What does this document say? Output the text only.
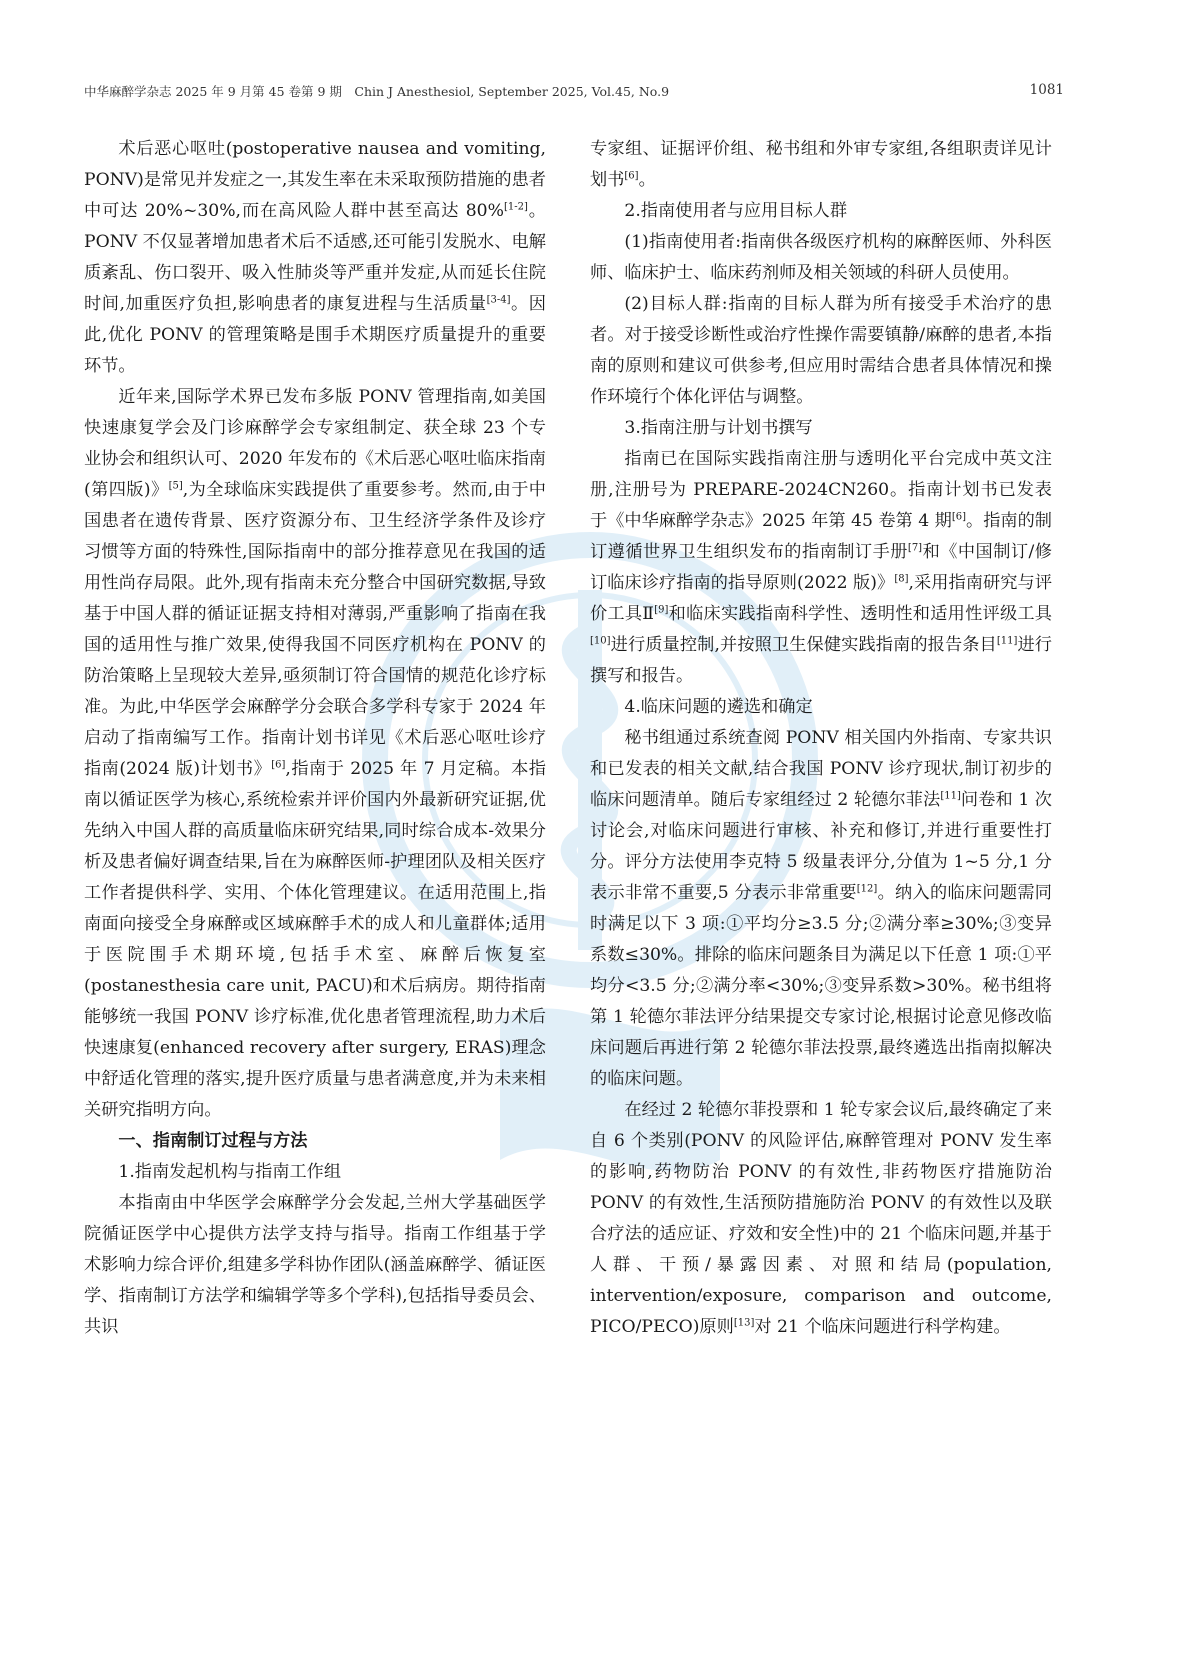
中华麻醉学杂志 2025 年 9 月第 45 卷第 9 期　Chin J Anesthesiol, September 2025, Vol.45, No.9	1081

术后恶心呕吐(postoperative nausea and vomiting, PONV)是常见并发症之一,其发生率在未采取预防措施的患者中可达 20%~30%,而在高风险人群中甚至高达 80%[1-2]。PONV 不仅显著增加患者术后不适感,还可能引发脱水、电解质紊乱、伤口裂开、吸入性肺炎等严重并发症,从而延长住院时间,加重医疗负担,影响患者的康复进程与生活质量[3-4]。因此,优化 PONV 的管理策略是围手术期医疗质量提升的重要环节。

近年来,国际学术界已发布多版 PONV 管理指南,如美国快速康复学会及门诊麻醉学会专家组制定、获全球 23 个专业协会和组织认可、2020 年发布的《术后恶心呕吐临床指南(第四版)》[5],为全球临床实践提供了重要参考。然而,由于中国患者在遗传背景、医疗资源分布、卫生经济学条件及诊疗习惯等方面的特殊性,国际指南中的部分推荐意见在我国的适用性尚存局限。此外,现有指南未充分整合中国研究数据,导致基于中国人群的循证证据支持相对薄弱,严重影响了指南在我国的适用性与推广效果,使得我国不同医疗机构在 PONV 的防治策略上呈现较大差异,亟须制订符合国情的规范化诊疗标准。为此,中华医学会麻醉学分会联合多学科专家于 2024 年启动了指南编写工作。指南计划书详见《术后恶心呕吐诊疗指南(2024 版)计划书》[6],指南于 2025 年 7 月定稿。本指南以循证医学为核心,系统检索并评价国内外最新研究证据,优先纳入中国人群的高质量临床研究结果,同时综合成本-效果分析及患者偏好调查结果,旨在为麻醉医师-护理团队及相关医疗工作者提供科学、实用、个体化管理建议。在适用范围上,指南面向接受全身麻醉或区域麻醉手术的成人和儿童群体;适用于医院围手术期环境,包括手术室、麻醉后恢复室(postanesthesia care unit, PACU)和术后病房。期待指南能够统一我国 PONV 诊疗标准,优化患者管理流程,助力术后快速康复(enhanced recovery after surgery, ERAS)理念中舒适化管理的落实,提升医疗质量与患者满意度,并为未来相关研究指明方向。

一、指南制订过程与方法

1.指南发起机构与指南工作组

本指南由中华医学会麻醉学分会发起,兰州大学基础医学院循证医学中心提供方法学支持与指导。指南工作组基于学术影响力综合评价,组建多学科协作团队(涵盖麻醉学、循证医学、指南制订方法学和编辑学等多个学科),包括指导委员会、共识

专家组、证据评价组、秘书组和外审专家组,各组职责详见计划书[6]。

2.指南使用者与应用目标人群

(1)指南使用者:指南供各级医疗机构的麻醉医师、外科医师、临床护士、临床药剂师及相关领域的科研人员使用。

(2)目标人群:指南的目标人群为所有接受手术治疗的患者。对于接受诊断性或治疗性操作需要镇静/麻醉的患者,本指南的原则和建议可供参考,但应用时需结合患者具体情况和操作环境行个体化评估与调整。

3.指南注册与计划书撰写

指南已在国际实践指南注册与透明化平台完成中英文注册,注册号为 PREPARE-2024CN260。指南计划书已发表于《中华麻醉学杂志》2025 年第 45 卷第 4 期[6]。指南的制订遵循世界卫生组织发布的指南制订手册[7]和《中国制订/修订临床诊疗指南的指导原则(2022 版)》[8],采用指南研究与评价工具Ⅱ[9]和临床实践指南科学性、透明性和适用性评级工具[10]进行质量控制,并按照卫生保健实践指南的报告条目[11]进行撰写和报告。

4.临床问题的遴选和确定

秘书组通过系统查阅 PONV 相关国内外指南、专家共识和已发表的相关文献,结合我国 PONV 诊疗现状,制订初步的临床问题清单。随后专家组经过 2 轮德尔菲法[11]问卷和 1 次讨论会,对临床问题进行审核、补充和修订,并进行重要性打分。评分方法使用李克特 5 级量表评分,分值为 1~5 分,1 分表示非常不重要,5 分表示非常重要[12]。纳入的临床问题需同时满足以下 3 项:①平均分≥3.5 分;②满分率≥30%;③变异系数≤30%。排除的临床问题条目为满足以下任意 1 项:①平均分<3.5 分;②满分率<30%;③变异系数>30%。秘书组将第 1 轮德尔菲法评分结果提交专家讨论,根据讨论意见修改临床问题后再进行第 2 轮德尔菲法投票,最终遴选出指南拟解决的临床问题。

在经过 2 轮德尔菲投票和 1 轮专家会议后,最终确定了来自 6 个类别(PONV 的风险评估,麻醉管理对 PONV 发生率的影响,药物防治 PONV 的有效性,非药物医疗措施防治 PONV 的有效性,生活预防措施防治 PONV 的有效性以及联合疗法的适应证、疗效和安全性)中的 21 个临床问题,并基于人群、干预/暴露因素、对照和结局(population, intervention/exposure, comparison and outcome, PICO/PECO)原则[13]对 21 个临床问题进行科学构建。
